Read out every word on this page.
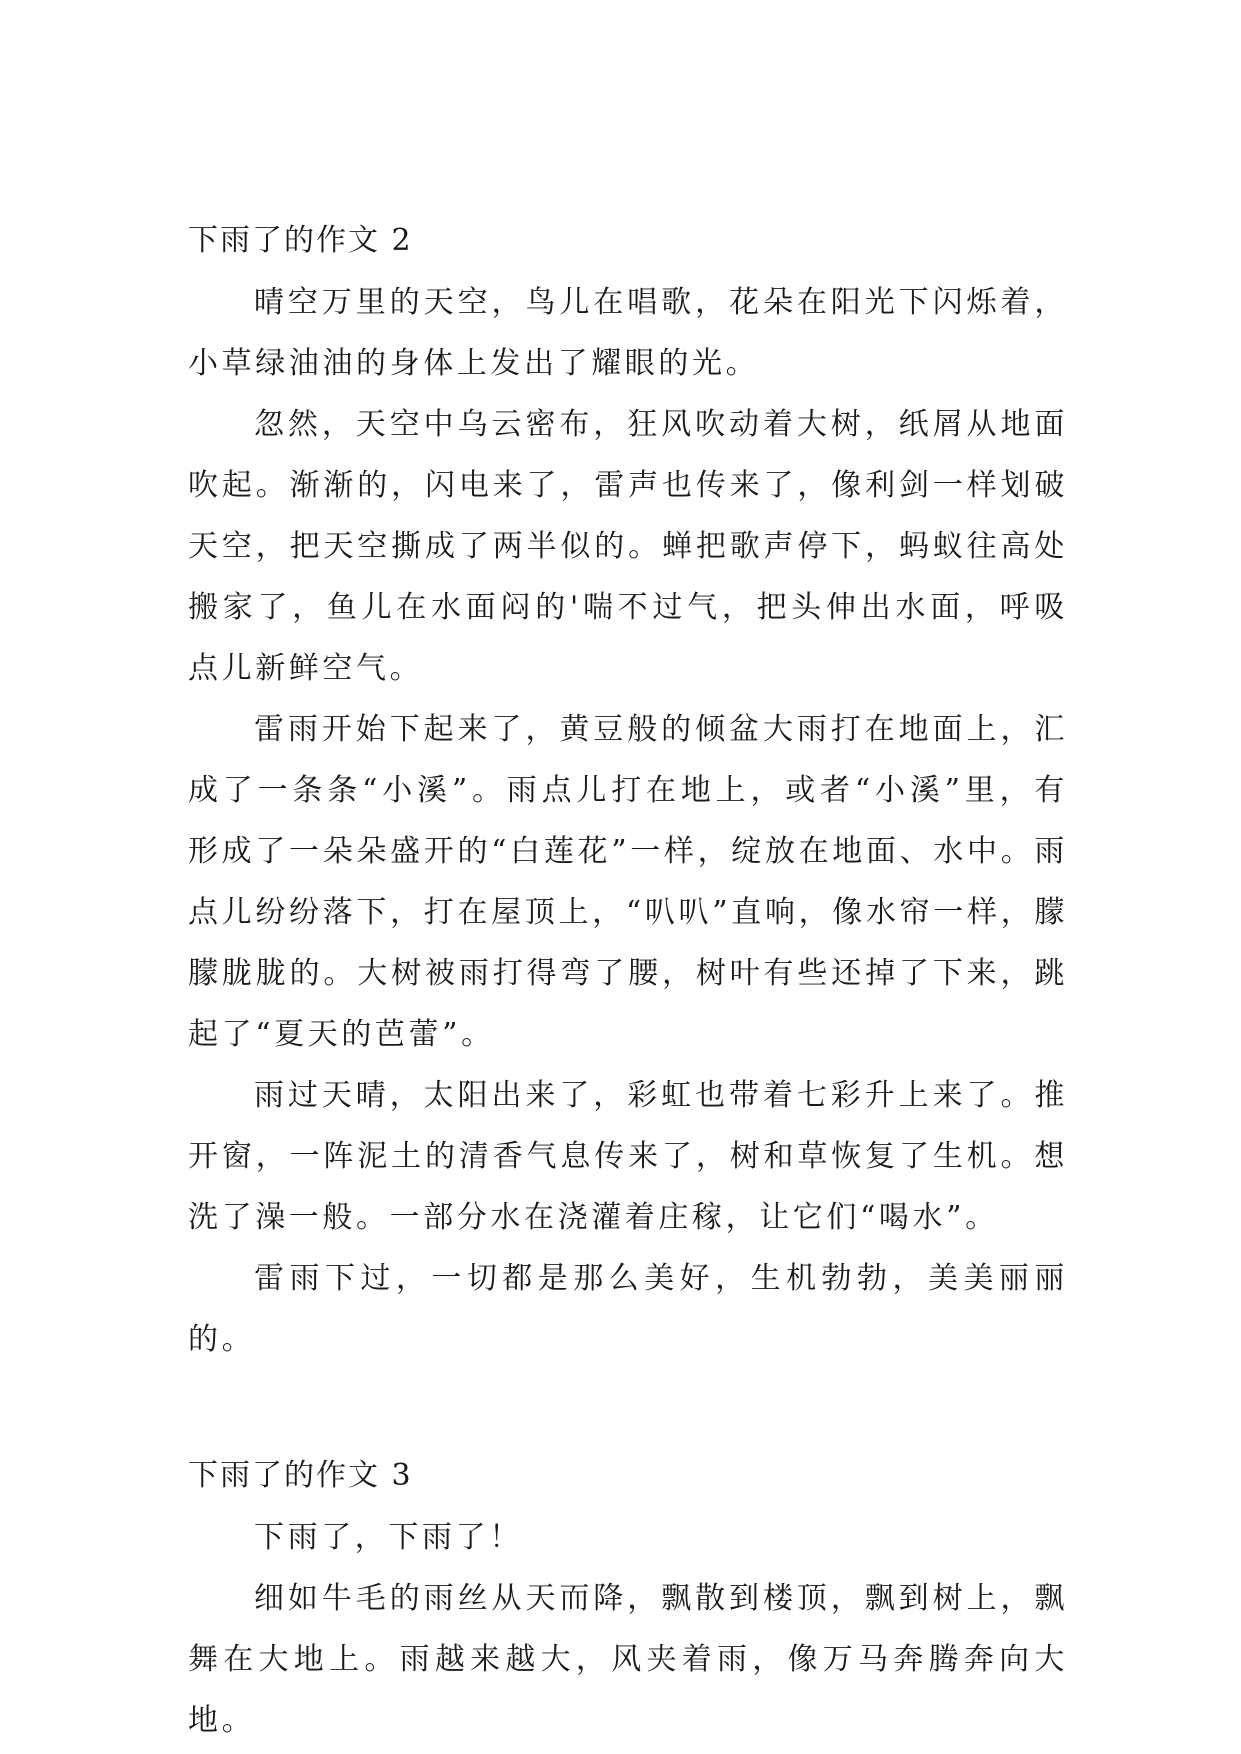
下雨了的作文 2

晴空万里的天空，鸟儿在唱歌，花朵在阳光下闪烁着，小草绿油油的身体上发出了耀眼的光。

忽然，天空中乌云密布，狂风吹动着大树，纸屑从地面吹起。渐渐的，闪电来了，雷声也传来了，像利剑一样划破天空，把天空撕成了两半似的。蝉把歌声停下，蚂蚁往高处搬家了，鱼儿在水面闷的'喘不过气，把头伸出水面，呼吸点儿新鲜空气。

雷雨开始下起来了，黄豆般的倾盆大雨打在地面上，汇成了一条条“小溪”。雨点儿打在地上，或者“小溪”里，有形成了一朵朵盛开的“白莲花”一样，绽放在地面、水中。雨点儿纷纷落下，打在屋顶上，“叭叭”直响，像水帘一样，朦朦胧胧的。大树被雨打得弯了腰，树叶有些还掉了下来，跳起了“夏天的芭蕾”。

雨过天晴，太阳出来了，彩虹也带着七彩升上来了。推开窗，一阵泥土的清香气息传来了，树和草恢复了生机。想洗了澡一般。一部分水在浇灌着庄稼，让它们“喝水”。

雷雨下过，一切都是那么美好，生机勃勃，美美丽丽的。

下雨了的作文 3

下雨了，下雨了！

细如牛毛的雨丝从天而降，飘散到楼顶，飘到树上，飘舞在大地上。雨越来越大，风夹着雨，像万马奔腾奔向大地。
